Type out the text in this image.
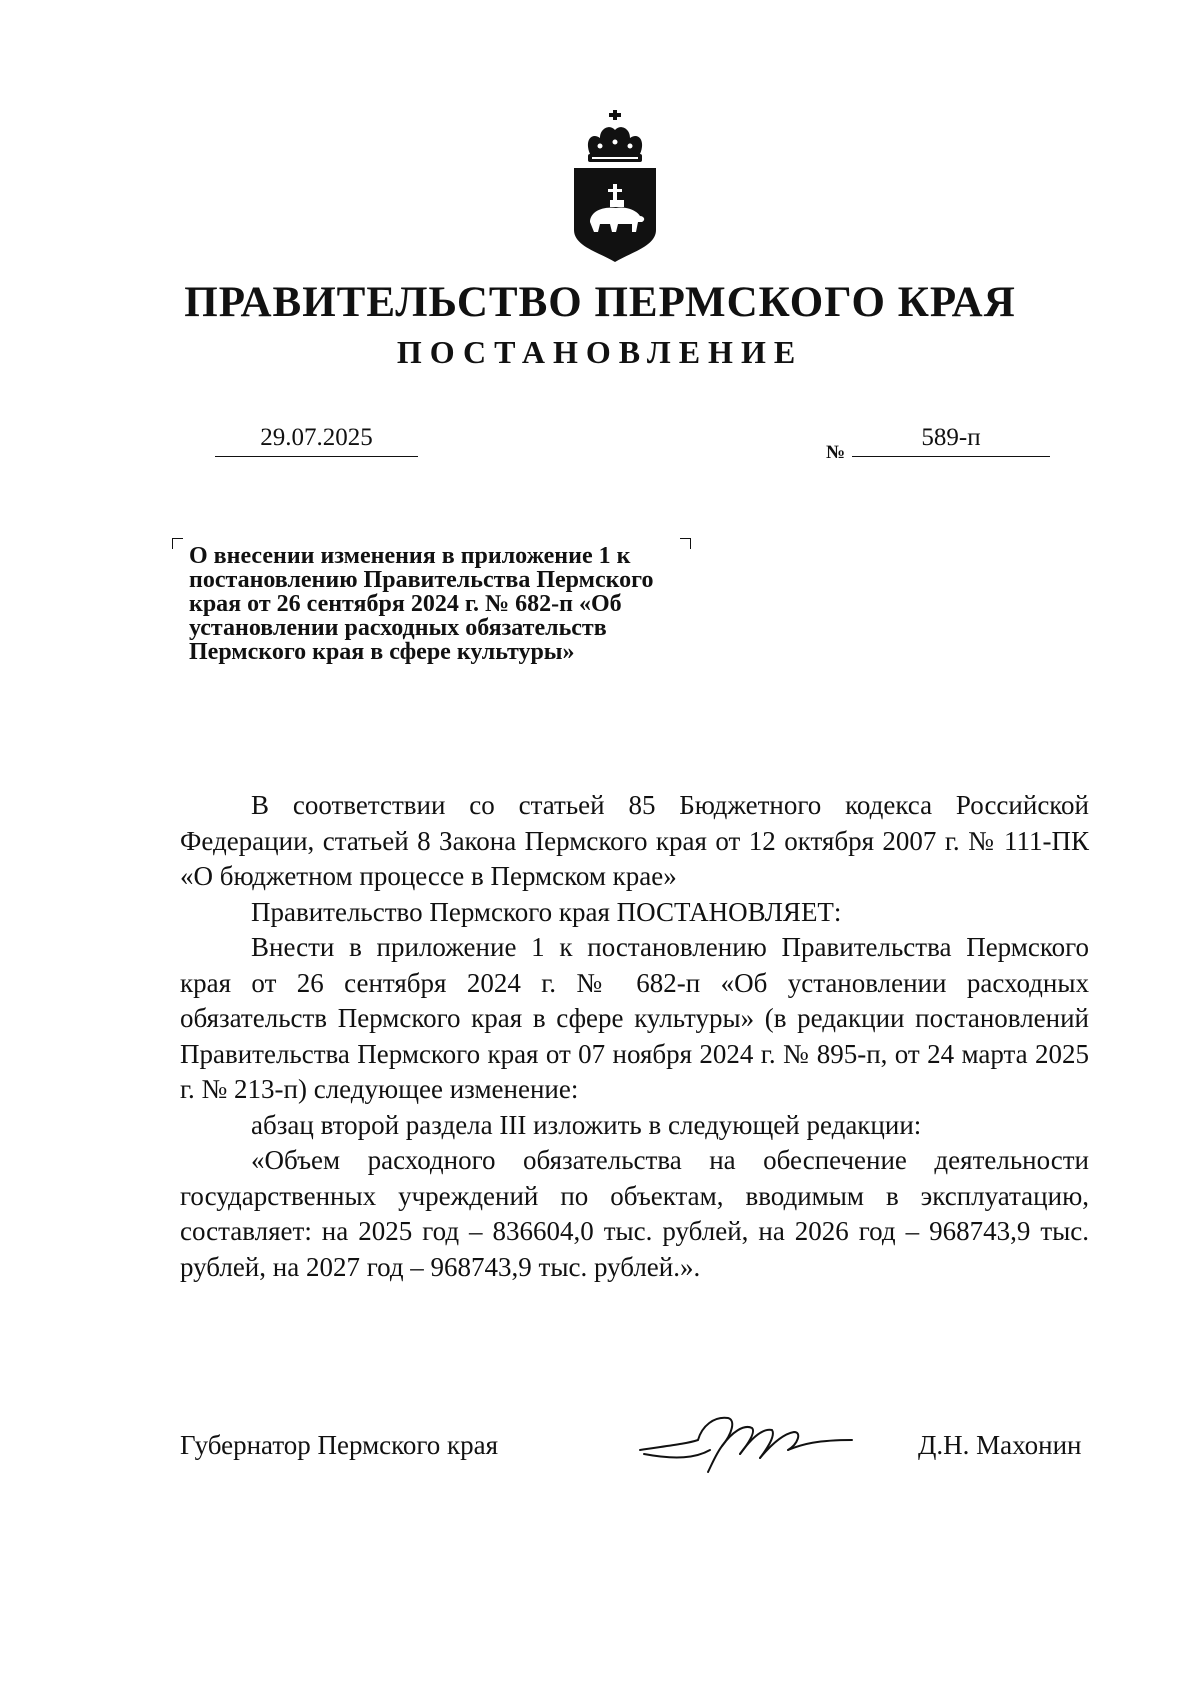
ПРАВИТЕЛЬСТВО ПЕРМСКОГО КРАЯ
ПОСТАНОВЛЕНИЕ
29.07.2025
№
589-п
О внесении изменения в приложение 1 к постановлению Правительства Пермского края от 26 сентября 2024 г. № 682-п «Об установлении расходных обязательств Пермского края в сфере культуры»

В соответствии со статьей 85 Бюджетного кодекса Российской Федерации, статьей 8 Закона Пермского края от 12 октября 2007 г. № 111-ПК «О бюджетном процессе в Пермском крае»

Правительство Пермского края ПОСТАНОВЛЯЕТ:

Внести в приложение 1 к постановлению Правительства Пермского края от 26 сентября 2024 г. № 682-п «Об установлении расходных обязательств Пермского края в сфере культуры» (в редакции постановлений Правительства Пермского края от 07 ноября 2024 г. № 895-п, от 24 марта 2025 г. № 213-п) следующее изменение:

абзац второй раздела III изложить в следующей редакции:

«Объем расходного обязательства на обеспечение деятельности государственных учреждений по объектам, вводимым в эксплуатацию, составляет: на 2025 год – 836604,0 тыс. рублей, на 2026 год – 968743,9 тыс. рублей, на 2027 год – 968743,9 тыс. рублей.».

Губернатор Пермского края	Д.Н. Махонин
